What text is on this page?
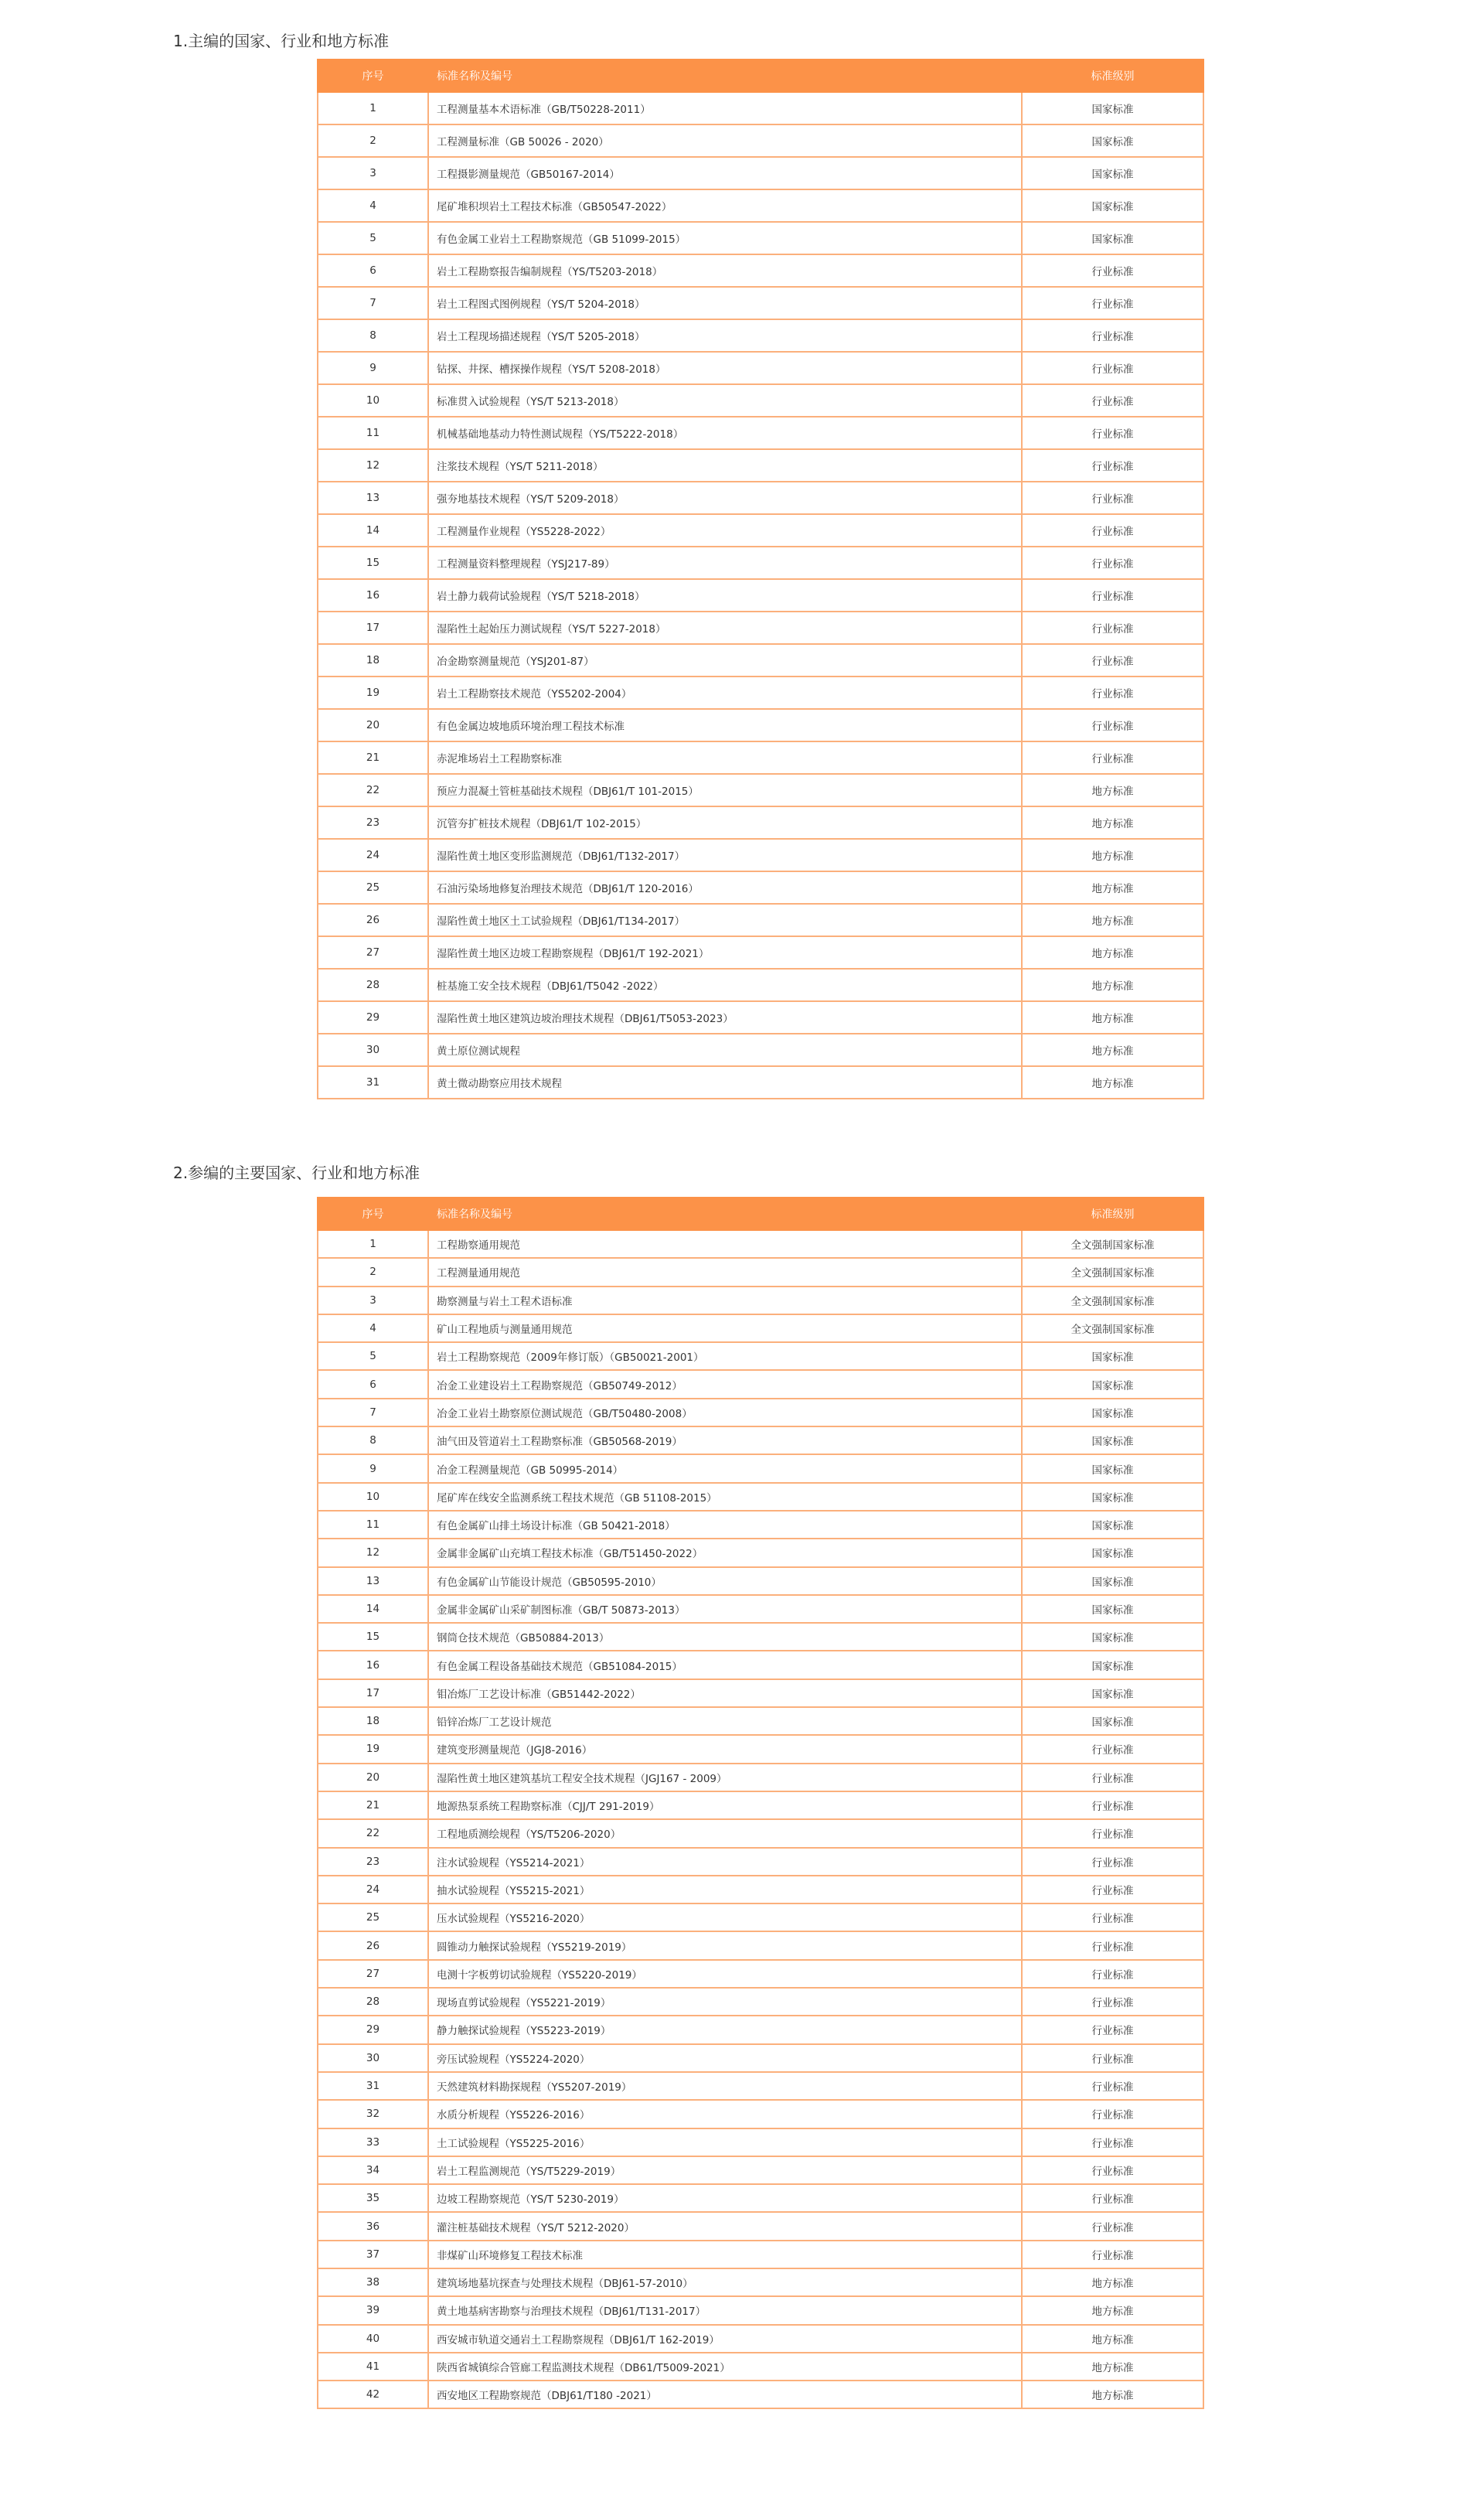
1.主编的国家、行业和地方标准
序号	标准名称及编号	标准级别
1	工程测量基本术语标准（GB/T50228-2011）	国家标准
2	工程测量标准（GB 50026 - 2020）	国家标准
3	工程摄影测量规范（GB50167-2014）	国家标准
4	尾矿堆积坝岩土工程技术标准（GB50547-2022）	国家标准
5	有色金属工业岩土工程勘察规范（GB 51099-2015）	国家标准
6	岩土工程勘察报告编制规程（YS/T5203-2018）	行业标准
7	岩土工程图式图例规程（YS/T 5204-2018）	行业标准
8	岩土工程现场描述规程（YS/T 5205-2018）	行业标准
9	钻探、井探、槽探操作规程（YS/T 5208-2018）	行业标准
10	标准贯入试验规程（YS/T 5213-2018）	行业标准
11	机械基础地基动力特性测试规程（YS/T5222-2018）	行业标准
12	注浆技术规程（YS/T 5211-2018）	行业标准
13	强夯地基技术规程（YS/T 5209-2018）	行业标准
14	工程测量作业规程（YS5228-2022）	行业标准
15	工程测量资料整理规程（YSJ217-89）	行业标准
16	岩土静力载荷试验规程（YS/T 5218-2018）	行业标准
17	湿陷性土起始压力测试规程（YS/T 5227-2018）	行业标准
18	冶金勘察测量规范（YSJ201-87）	行业标准
19	岩土工程勘察技术规范（YS5202-2004）	行业标准
20	有色金属边坡地质环境治理工程技术标准	行业标准
21	赤泥堆场岩土工程勘察标准	行业标准
22	预应力混凝土管桩基础技术规程（DBJ61/T 101-2015）	地方标准
23	沉管夯扩桩技术规程（DBJ61/T 102-2015）	地方标准
24	湿陷性黄土地区变形监测规范（DBJ61/T132-2017）	地方标准
25	石油污染场地修复治理技术规范（DBJ61/T 120-2016）	地方标准
26	湿陷性黄土地区土工试验规程（DBJ61/T134-2017）	地方标准
27	湿陷性黄土地区边坡工程勘察规程（DBJ61/T 192-2021）	地方标准
28	桩基施工安全技术规程（DBJ61/T5042 -2022）	地方标准
29	湿陷性黄土地区建筑边坡治理技术规程（DBJ61/T5053-2023）	地方标准
30	黄土原位测试规程	地方标准
31	黄土微动勘察应用技术规程	地方标准
2.参编的主要国家、行业和地方标准
序号	标准名称及编号	标准级别
1	工程勘察通用规范	全文强制国家标准
2	工程测量通用规范	全文强制国家标准
3	勘察测量与岩土工程术语标准	全文强制国家标准
4	矿山工程地质与测量通用规范	全文强制国家标准
5	岩土工程勘察规范（2009年修订版）（GB50021-2001）	国家标准
6	冶金工业建设岩土工程勘察规范（GB50749-2012）	国家标准
7	冶金工业岩土勘察原位测试规范（GB/T50480-2008）	国家标准
8	油气田及管道岩土工程勘察标准（GB50568-2019）	国家标准
9	冶金工程测量规范（GB 50995-2014）	国家标准
10	尾矿库在线安全监测系统工程技术规范（GB 51108-2015）	国家标准
11	有色金属矿山排土场设计标准（GB 50421-2018）	国家标准
12	金属非金属矿山充填工程技术标准（GB/T51450-2022）	国家标准
13	有色金属矿山节能设计规范（GB50595-2010）	国家标准
14	金属非金属矿山采矿制图标准（GB/T 50873-2013）	国家标准
15	钢筒仓技术规范（GB50884-2013）	国家标准
16	有色金属工程设备基础技术规范（GB51084-2015）	国家标准
17	钼冶炼厂工艺设计标准（GB51442-2022）	国家标准
18	铅锌冶炼厂工艺设计规范	国家标准
19	建筑变形测量规范（JGJ8-2016）	行业标准
20	湿陷性黄土地区建筑基坑工程安全技术规程（JGJ167 - 2009）	行业标准
21	地源热泵系统工程勘察标准（CJJ/T 291-2019）	行业标准
22	工程地质测绘规程（YS/T5206-2020）	行业标准
23	注水试验规程（YS5214-2021）	行业标准
24	抽水试验规程（YS5215-2021）	行业标准
25	压水试验规程（YS5216-2020）	行业标准
26	圆锥动力触探试验规程（YS5219-2019）	行业标准
27	电测十字板剪切试验规程（YS5220-2019）	行业标准
28	现场直剪试验规程（YS5221-2019）	行业标准
29	静力触探试验规程（YS5223-2019）	行业标准
30	旁压试验规程（YS5224-2020）	行业标准
31	天然建筑材料勘探规程（YS5207-2019）	行业标准
32	水质分析规程（YS5226-2016）	行业标准
33	土工试验规程（YS5225-2016）	行业标准
34	岩土工程监测规范（YS/T5229-2019）	行业标准
35	边坡工程勘察规范（YS/T 5230-2019）	行业标准
36	灌注桩基础技术规程（YS/T 5212-2020）	行业标准
37	非煤矿山环境修复工程技术标准	行业标准
38	建筑场地墓坑探查与处理技术规程（DBJ61-57-2010）	地方标准
39	黄土地基病害勘察与治理技术规程（DBJ61/T131-2017）	地方标准
40	西安城市轨道交通岩土工程勘察规程（DBJ61/T 162-2019）	地方标准
41	陕西省城镇综合管廊工程监测技术规程（DB61/T5009-2021）	地方标准
42	西安地区工程勘察规范（DBJ61/T180 -2021）	地方标准
